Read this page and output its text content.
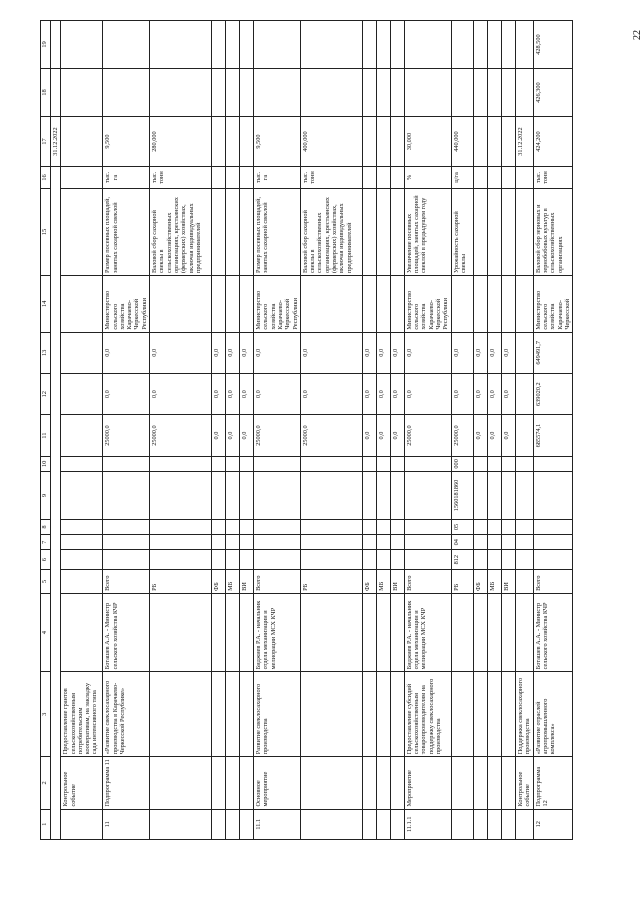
22
1	2	3	4	5	6	7	8	9	10	11	12	13	14	15	16	17	18	19
																31.12.2022		
	Контрольное событие	Предоставление грантов сельскохозяйственным потребительским кооперативам, на закладку сада интенсивного типа																
11	Подпрограмма 11	«Развитие свеклосахарного производства в Карачаево-Черкесской Республике»	Боташев А.А. - Министр сельского хозяйства КЧР	Всего						25000,0	0,0	0,0	Министерство сельского хозяйства Карачаево-Черкесской Республики	Размер посевных площадей, занятых сахарной свеклой	тыс. га	9,500		
				РБ						25000,0	0,0	0,0		Валовой сбор сахарной свеклы в сельскохозяйственных организациях, крестьянских (фермерских) хозяйствах, включая индивидуальных предпринимателей	тыс. тонн	280,000		
				ФБ						0,0	0,0	0,0						
				МБ						0,0	0,0	0,0						
				ВИ						0,0	0,0	0,0						
11.1	Основное мероприятие	Развитие свеклосахарного производства	Биджиев Р.А. - начальник отдела механизации и мелиорации МСХ КЧР	Всего						25000,0	0,0	0,0	Министерство сельского хозяйства Карачаево-Черкесской Республики	Размер посевных площадей, занятых сахарной свеклой	тыс. га	9,500		
				РБ						25000,0	0,0	0,0		Валовой сбор сахарной свеклы в сельскохозяйственных организациях, крестьянских (фермерских) хозяйствах, включая индивидуальных предпринимателей	тыс. тонн	400,000		
				ФБ						0,0	0,0	0,0						
				МБ						0,0	0,0	0,0						
				ВИ						0,0	0,0	0,0						
11.1.1	Мероприятие	Предоставление субсидий сельскохозяйственным товаропроизводителям на поддержку свеклосахарного производства	Биджиев Р.А. - начальник отдела механизации и мелиорации МСХ КЧР	Всего						25000,0	0,0	0,0	Министерство сельского хозяйства Карачаево-Черкесской Республики	Увеличение посевных площадей, занятых сахарной свеклой в предыдущем году	%	30,000		
				РБ	812	04	05	1560181860	000	25000,0	0,0	0,0		Урожайность сахарной свеклы	ц/га	440,000		
				ФБ						0,0	0,0	0,0						
				МБ						0,0	0,0	0,0						
				ВИ						0,0	0,0	0,0						
	Контрольное событие	Поддержка свеклосахарного производства														31.12.2022		
12	Подпрограмма 12	«Развитие отраслей агропромышленного комплекса»	Боташев А.А. - Министр сельского хозяйства КЧР	Всего						685574,1	639020,2	649491,7	Министерство сельского хозяйства Карачаево-Черкесской	Валовой сбор зерновых и зернобобовых культур в сельскохозяйственных организациях	тыс. тонн	424,200	426,300	428,500
